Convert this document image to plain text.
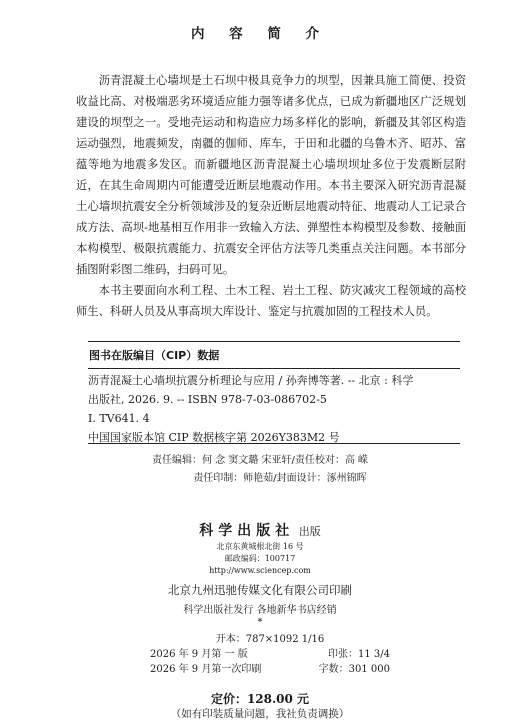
内 容 简 介

沥青混凝土心墙坝是土石坝中极具竞争力的坝型，因兼具施工简便、投资收益比高、对极端恶劣环境适应能力强等诸多优点，已成为新疆地区广泛规划建设的坝型之一。受地壳运动和构造应力场多样化的影响，新疆及其邻区构造运动强烈，地震频发，南疆的伽师、库车，于田和北疆的乌鲁木齐、昭苏、富蕴等地为地震多发区。而新疆地区沥青混凝土心墙坝坝址多位于发震断层附近，在其生命周期内可能遭受近断层地震动作用。本书主要深入研究沥青混凝土心墙坝抗震安全分析领域涉及的复杂近断层地震动特征、地震动人工记录合成方法、高坝-地基相互作用非一致输入方法、弹塑性本构模型及参数、接触面本构模型、极限抗震能力、抗震安全评估方法等几类重点关注问题。本书部分插图附彩图二维码，扫码可见。

本书主要面向水利工程、土木工程、岩土工程、防灾减灾工程领域的高校师生、科研人员及从事高坝大库设计、鉴定与抗震加固的工程技术人员。

图书在版编目（CIP）数据
沥青混凝土心墙坝抗震分析理论与应用 / 孙奔博等著. -- 北京 : 科学
出版社, 2026. 9. -- ISBN 978-7-03-086702-5
I. TV641. 4
中国国家版本馆 CIP 数据核字第 2026Y383M2 号
责任编辑：何 念 窦文璐 宋亚轩/责任校对：高 嵘
责任印制：师艳茹/封面设计：涿州锦晖
科学出版社 出版
北京东黄城根北街 16 号
邮政编码：100717
http://www.sciencep.com
北京九州迅驰传媒文化有限公司印刷
科学出版社发行 各地新华书店经销
*
开本：787×1092 1/16
2026 年 9 月第 一 版	印张：11 3/4
2026 年 9 月第一次印刷	字数：301 000
定价：128.00 元
（如有印装质量问题，我社负责调换）
